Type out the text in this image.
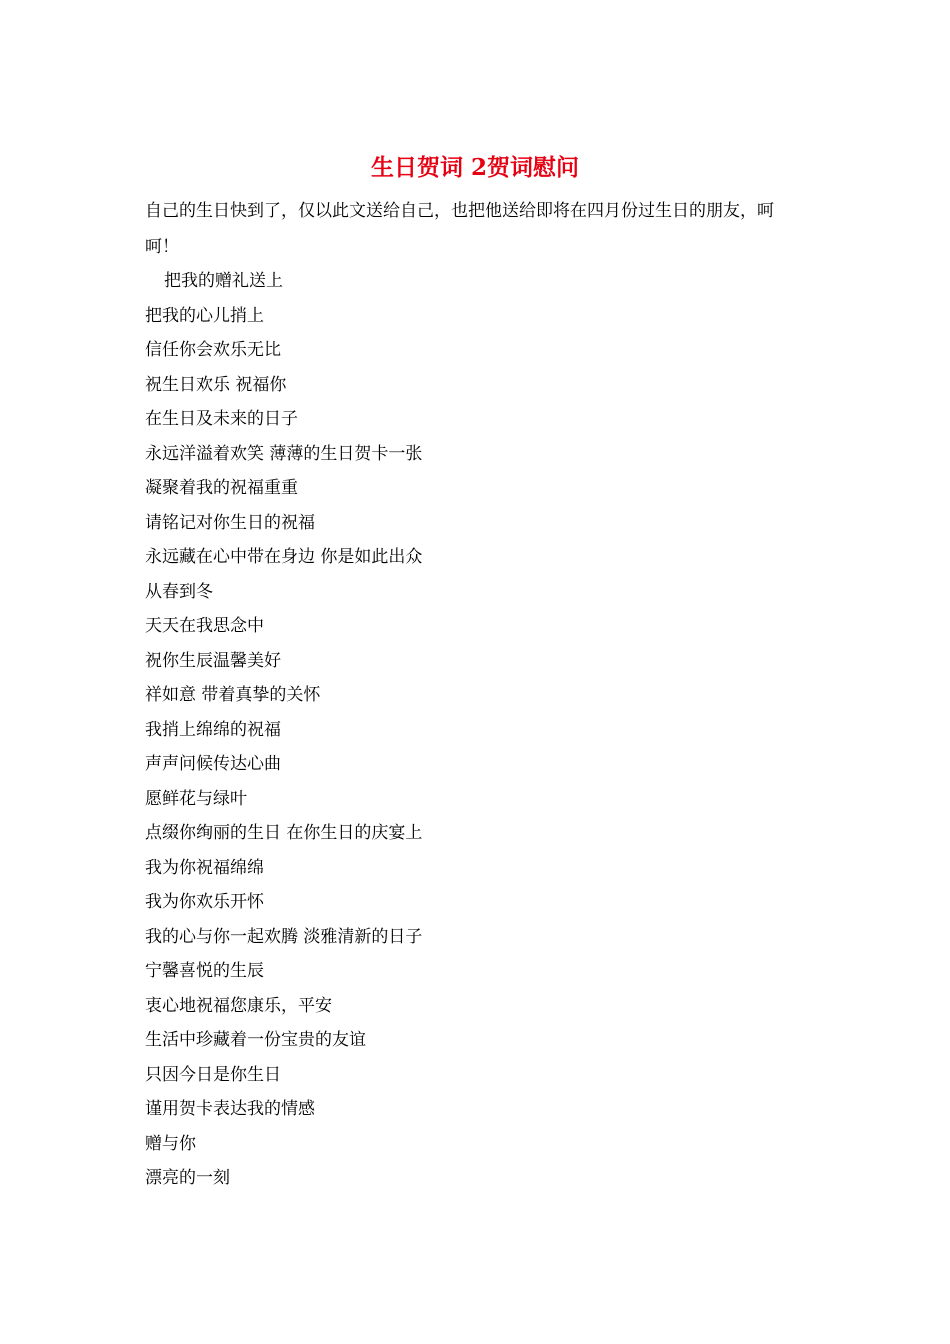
生日贺词 2贺词慰问

自己的生日快到了，仅以此文送给自己，也把他送给即将在四月份过生日的朋友，呵呵！

把我的赠礼送上
把我的心儿捎上
信任你会欢乐无比
祝生日欢乐 祝福你
在生日及未来的日子
永远洋溢着欢笑 薄薄的生日贺卡一张
凝聚着我的祝福重重
请铭记对你生日的祝福
永远藏在心中带在身边 你是如此出众
从春到冬
天天在我思念中
祝你生辰温馨美好
祥如意 带着真挚的关怀
我捎上绵绵的祝福
声声问候传达心曲
愿鲜花与绿叶
点缀你绚丽的生日 在你生日的庆宴上
我为你祝福绵绵
我为你欢乐开怀
我的心与你一起欢腾 淡雅清新的日子
宁馨喜悦的生辰
衷心地祝福您康乐，平安
生活中珍藏着一份宝贵的友谊
只因今日是你生日
谨用贺卡表达我的情感
赠与你
漂亮的一刻
